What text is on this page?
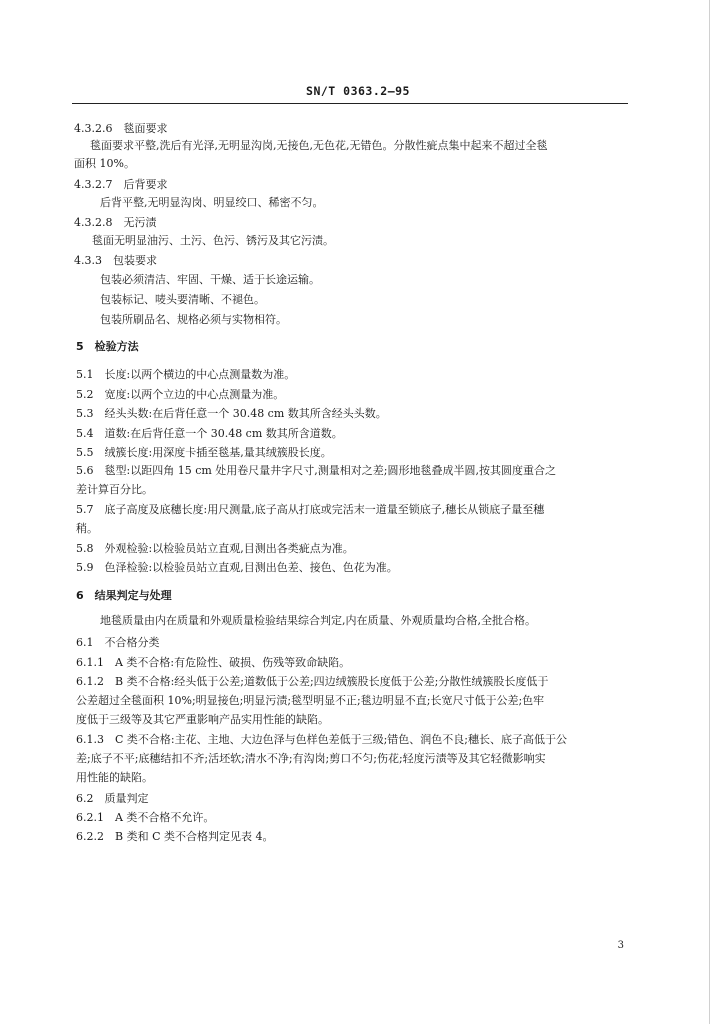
SN/T 0363.2—95
4.3.2.6　毯面要求
毯面要求平整,洗后有光泽,无明显沟岗,无接色,无色花,无错色。分散性疵点集中起来不超过全毯
面积 10%。
4.3.2.7　后背要求
后背平整,无明显沟岗、明显绞口、稀密不匀。
4.3.2.8　无污渍
毯面无明显油污、土污、色污、锈污及其它污渍。
4.3.3　包装要求
包装必须清洁、牢固、干燥、适于长途运输。
包装标记、唛头要清晰、不褪色。
包装所刷品名、规格必须与实物相符。
5　检验方法
5.1　长度:以两个横边的中心点测量数为准。
5.2　宽度:以两个立边的中心点测量为准。
5.3　经头头数:在后背任意一个 30.48 cm 数其所含经头头数。
5.4　道数:在后背任意一个 30.48 cm 数其所含道数。
5.5　绒簇长度:用深度卡插至毯基,量其绒簇股长度。
5.6　毯型:以距四角 15 cm 处用卷尺量井字尺寸,测量相对之差;圆形地毯叠成半圆,按其圆度重合之
差计算百分比。
5.7　底子高度及底穗长度:用尺测量,底子高从打底或完活末一道量至锁底子,穗长从锁底子量至穗
稍。
5.8　外观检验:以检验员站立直观,目测出各类疵点为准。
5.9　色泽检验:以检验员站立直观,目测出色差、接色、色花为准。
6　结果判定与处理
地毯质量由内在质量和外观质量检验结果综合判定,内在质量、外观质量均合格,全批合格。
6.1　不合格分类
6.1.1　A 类不合格:有危险性、破损、伤残等致命缺陷。
6.1.2　B 类不合格:经头低于公差;道数低于公差;四边绒簇股长度低于公差;分散性绒簇股长度低于
公差超过全毯面积 10%;明显接色;明显污渍;毯型明显不正;毯边明显不直;长宽尺寸低于公差;色牢
度低于三级等及其它严重影响产品实用性能的缺陷。
6.1.3　C 类不合格:主花、主地、大边色泽与色样色差低于三级;错色、润色不良;穗长、底子高低于公
差;底子不平;底穗结扣不齐;活坯软;清水不净;有沟岗;剪口不匀;伤花;轻度污渍等及其它轻微影响实
用性能的缺陷。
6.2　质量判定
6.2.1　A 类不合格不允许。
6.2.2　B 类和 C 类不合格判定见表 4。
3
